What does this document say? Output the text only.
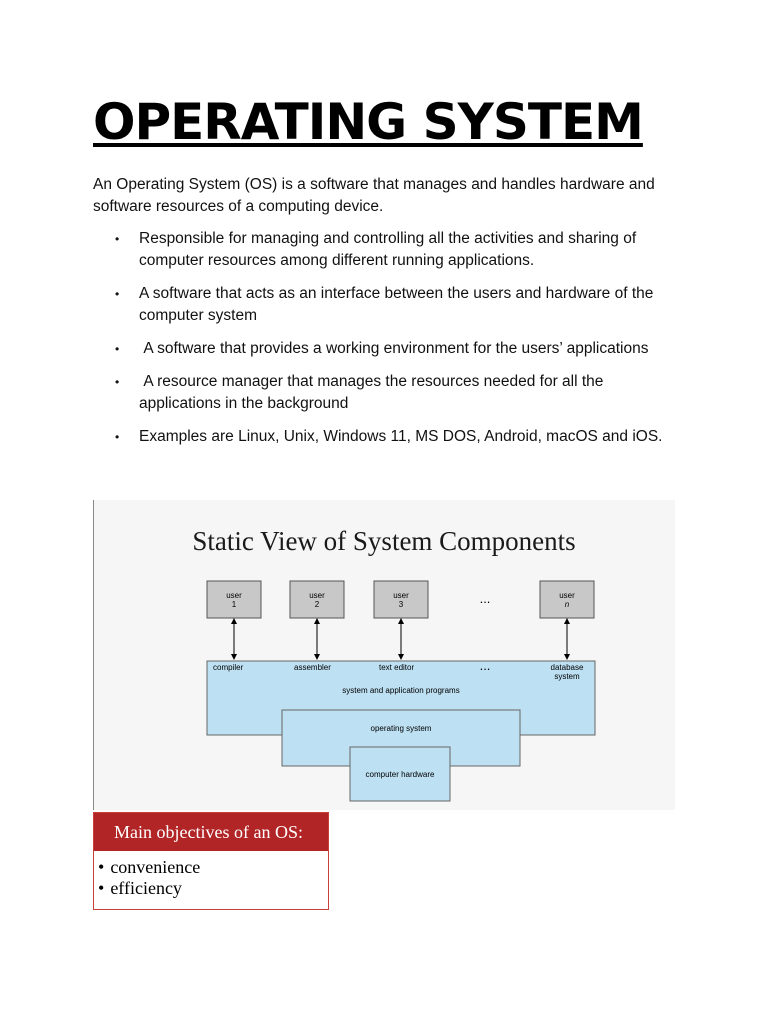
OPERATING SYSTEM

An Operating System (OS) is a software that manages and handles hardware and software resources of a computing device.

• Responsible for managing and controlling all the activities and sharing of computer resources among different running applications.
• A software that acts as an interface between the users and hardware of the computer system
• A software that provides a working environment for the users’ applications
• A resource manager that manages the resources needed for all the applications in the background
• Examples are Linux, Unix, Windows 11, MS DOS, Android, macOS and iOS.
Static View of System Components
user
1
user
2
user
3	...	user
n
compiler	assembler	text editor	...	database
system
system and application programs
operating system
computer hardware
Main objectives of an OS:
• convenience
• efficiency
